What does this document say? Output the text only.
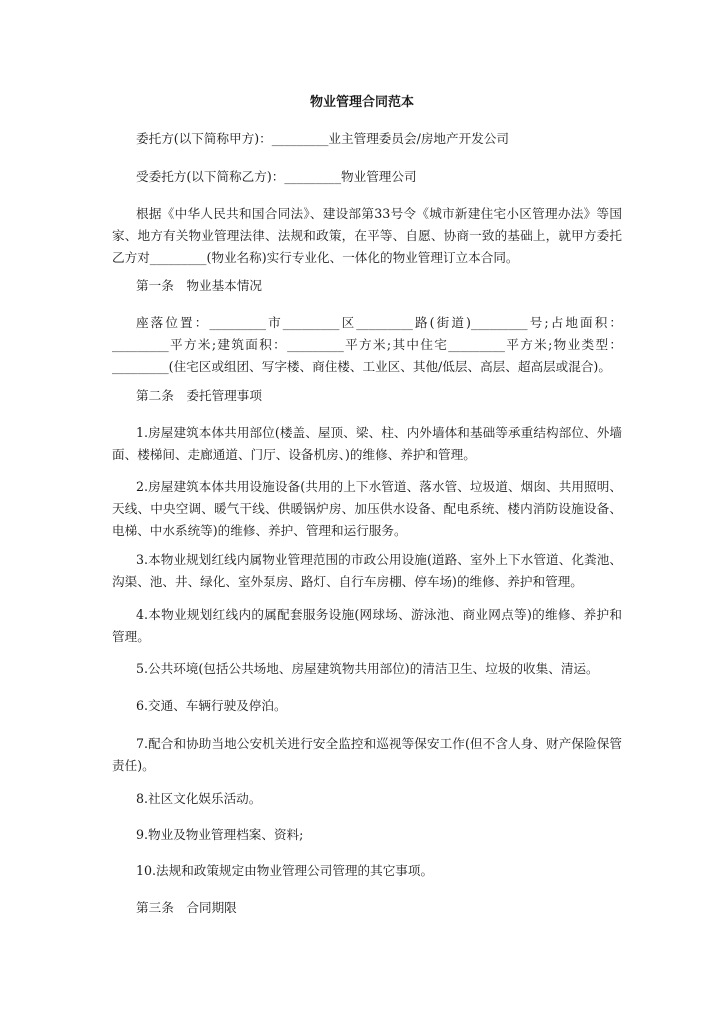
物业管理合同范本

委托方(以下简称甲方)：_________业主管理委员会/房地产开发公司

受委托方(以下简称乙方)：_________物业管理公司

根据《中华人民共和国合同法》、建设部第33号令《城市新建住宅小区管理办法》等国家、地方有关物业管理法律、法规和政策，在平等、自愿、协商一致的基础上，就甲方委托乙方对_________(物业名称)实行专业化、一体化的物业管理订立本合同。

第一条　物业基本情况

座落位置：_________市_________区_________路(街道)_________号;占地面积：_________平方米;建筑面积：_________平方米;其中住宅_________平方米;物业类型：_________(住宅区或组团、写字楼、商住楼、工业区、其他/低层、高层、超高层或混合)。

第二条　委托管理事项

1.房屋建筑本体共用部位(楼盖、屋顶、梁、柱、内外墙体和基础等承重结构部位、外墙面、楼梯间、走廊通道、门厅、设备机房、)的维修、养护和管理。

2.房屋建筑本体共用设施设备(共用的上下水管道、落水管、垃圾道、烟囱、共用照明、天线、中央空调、暖气干线、供暖锅炉房、加压供水设备、配电系统、楼内消防设施设备、电梯、中水系统等)的维修、养护、管理和运行服务。

3.本物业规划红线内属物业管理范围的市政公用设施(道路、室外上下水管道、化粪池、沟渠、池、井、绿化、室外泵房、路灯、自行车房棚、停车场)的维修、养护和管理。

4.本物业规划红线内的属配套服务设施(网球场、游泳池、商业网点等)的维修、养护和管理。

5.公共环境(包括公共场地、房屋建筑物共用部位)的清洁卫生、垃圾的收集、清运。

6.交通、车辆行驶及停泊。

7.配合和协助当地公安机关进行安全监控和巡视等保安工作(但不含人身、财产保险保管责任)。

8.社区文化娱乐活动。

9.物业及物业管理档案、资料;

10.法规和政策规定由物业管理公司管理的其它事项。

第三条　合同期限
